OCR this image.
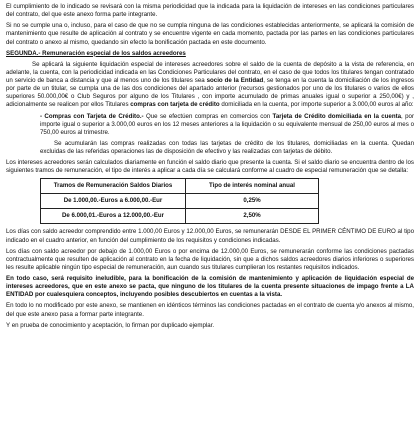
El cumplimiento de lo indicado se revisará con la misma periodicidad que la indicada para la liquidación de intereses en las condiciones particulares del contrato, del que este anexo forma parte integrante.

Si no se cumple una o, incluso, para el caso de que no se cumpla ninguna de las condiciones establecidas anteriormente, se aplicará la comisión de mantenimiento que resulte de aplicación al contrato y se encuentre vigente en cada momento, pactada por las partes en las condiciones particulares del contrato o anexo al mismo, quedando sin efecto la bonificación pactada en este documento.

SEGUNDA.- Remuneración especial de los saldos acreedores

Se aplicará la siguiente liquidación especial de intereses acreedores sobre el saldo de la cuenta de depósito a la vista de referencia, en adelante, la cuenta, con la periodicidad indicada en las Condiciones Particulares del contrato, en el caso de que todos los titulares tengan contratado un servicio de banca a distancia y que al menos uno de los titulares sea socio de la Entidad, se tenga en la cuenta la domiciliación de los ingresos por parte de un titular, se cumpla una de las dos condiciones del apartado anterior (recursos gestionados por uno de los titulares o varios de ellos superiores 50.000,00€ o Club Seguros por alguno de los Titulares , con importe acumulado de primas anuales igual o superior a 250,00€) y , adicionalmente se realicen por ellos Titulares compras con tarjeta de crédito domiciliada en la cuenta, por importe superior a 3.000,00 euros al año:

- Compras con Tarjeta de Crédito.- Que se efectúen compras en comercios con Tarjeta de Crédito domiciliada en la cuenta, por importe igual o superior a 3.000,00 euros en los 12 meses anteriores a la liquidación o su equivalente mensual de 250,00 euros al mes o 750,00 euros al trimestre.

Se acumularán las compras realizadas con todas las tarjetas de crédito de los titulares, domiciliadas en la cuenta. Quedan excluidas de las referidas operaciones las de disposición de efectivo y las realizadas con tarjetas de débito.

Los intereses acreedores serán calculados diariamente en función el saldo diario que presente la cuenta. Si el saldo diario se encuentra dentro de los siguientes tramos de remuneración, el tipo de interés a aplicar a cada día se calculará conforme al cuadro de especial remuneración que se detalla:

Tramos de Remuneración Saldos Diarios	Tipo de interés nominal anual
De 1.000,00.-Euros a 6.000,00.-Eur	0,25%
De 6.000,01.-Euros a 12.000,00.-Eur	2,50%

Los días con saldo acreedor comprendido entre 1.000,00 Euros y 12.000,00 Euros, se remunerarán DESDE EL PRIMER CÉNTIMO DE EURO al tipo indicado en el cuadro anterior, en función del cumplimiento de los requisitos y condiciones indicadas.

Los días con saldo acreedor por debajo de 1.000,00 Euros o por encima de 12.000,00 Euros, se remunerarán conforme las condiciones pactadas contractualmente que resulten de aplicación al contrato en la fecha de liquidación, sin que a dichos saldos acreedores diarios inferiores o superiores les resulte aplicable ningún tipo especial de remuneración, aun cuando sus titulares cumplieran los restantes requisitos indicados.

En todo caso, será requisito ineludible, para la bonificación de la comisión de mantenimiento y aplicación de liquidación especial de intereses acreedores, que en este anexo se pacta, que ninguno de los titulares de la cuenta presente situaciones de impago frente a LA ENTIDAD por cualesquiera conceptos, incluyendo posibles descubiertos en cuentas a la vista.

En todo lo no modificado por este anexo, se mantienen en idénticos términos las condiciones pactadas en el contrato de cuenta y/o anexos al mismo, del que este anexo pasa a formar parte integrante.

Y en prueba de conocimiento y aceptación, lo firman por duplicado ejemplar.
